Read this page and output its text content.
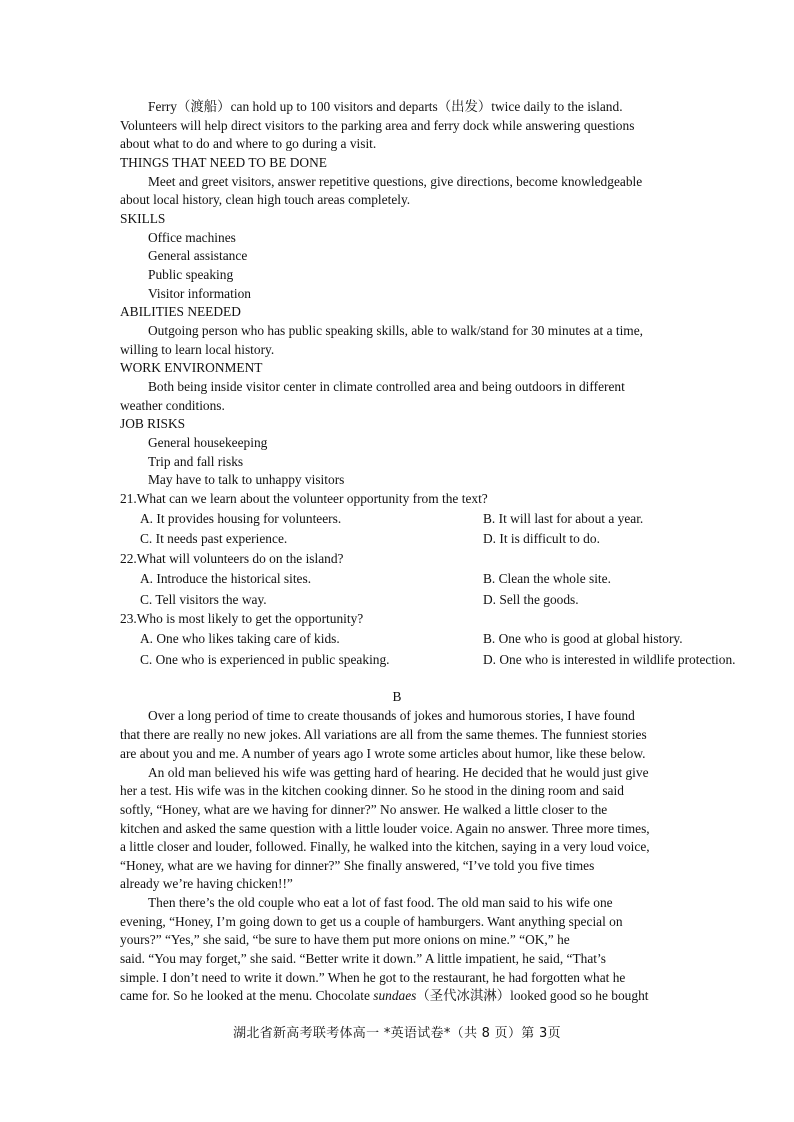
Ferry（渡船）can hold up to 100 visitors and departs（出发）twice daily to the island.
Volunteers will help direct visitors to the parking area and ferry dock while answering questions
about what to do and where to go during a visit.
THINGS THAT NEED TO BE DONE
Meet and greet visitors, answer repetitive questions, give directions, become knowledgeable
about local history, clean high touch areas completely.
SKILLS
Office machines
General assistance
Public speaking
Visitor information
ABILITIES NEEDED
Outgoing person who has public speaking skills, able to walk/stand for 30 minutes at a time,
willing to learn local history.
WORK ENVIRONMENT
Both being inside visitor center in climate controlled area and being outdoors in different
weather conditions.
JOB RISKS
General housekeeping
Trip and fall risks
May have to talk to unhappy visitors
21.What can we learn about the volunteer opportunity from the text?
A. It provides housing for volunteers.	B. It will last for about a year.
C. It needs past experience.	D. It is difficult to do.
22.What will volunteers do on the island?
A. Introduce the historical sites.	B. Clean the whole site.
C. Tell visitors the way.	D. Sell the goods.
23.Who is most likely to get the opportunity?
A. One who likes taking care of kids.	B. One who is good at global history.
C. One who is experienced in public speaking.	D. One who is interested in wildlife protection.
B
Over a long period of time to create thousands of jokes and humorous stories, I have found
that there are really no new jokes. All variations are all from the same themes. The funniest stories
are about you and me. A number of years ago I wrote some articles about humor, like these below.
An old man believed his wife was getting hard of hearing. He decided that he would just give
her a test. His wife was in the kitchen cooking dinner. So he stood in the dining room and said
softly, “Honey, what are we having for dinner?” No answer. He walked a little closer to the
kitchen and asked the same question with a little louder voice. Again no answer. Three more times,
a little closer and louder, followed. Finally, he walked into the kitchen, saying in a very loud voice,
“Honey, what are we having for dinner?” She finally answered, “I’ve told you five times
already we’re having chicken!!”
Then there’s the old couple who eat a lot of fast food. The old man said to his wife one
evening, “Honey, I’m going down to get us a couple of hamburgers. Want anything special on
yours?” “Yes,” she said, “be sure to have them put more onions on mine.” “OK,” he
said. “You may forget,” she said. “Better write it down.” A little impatient, he said, “That’s
simple. I don’t need to write it down.” When he got to the restaurant, he had forgotten what he
came for. So he looked at the menu. Chocolate sundaes（圣代冰淇淋）looked good so he bought
湖北省新高考联考体高一 *英语试卷*（共 8 页）第 3页
